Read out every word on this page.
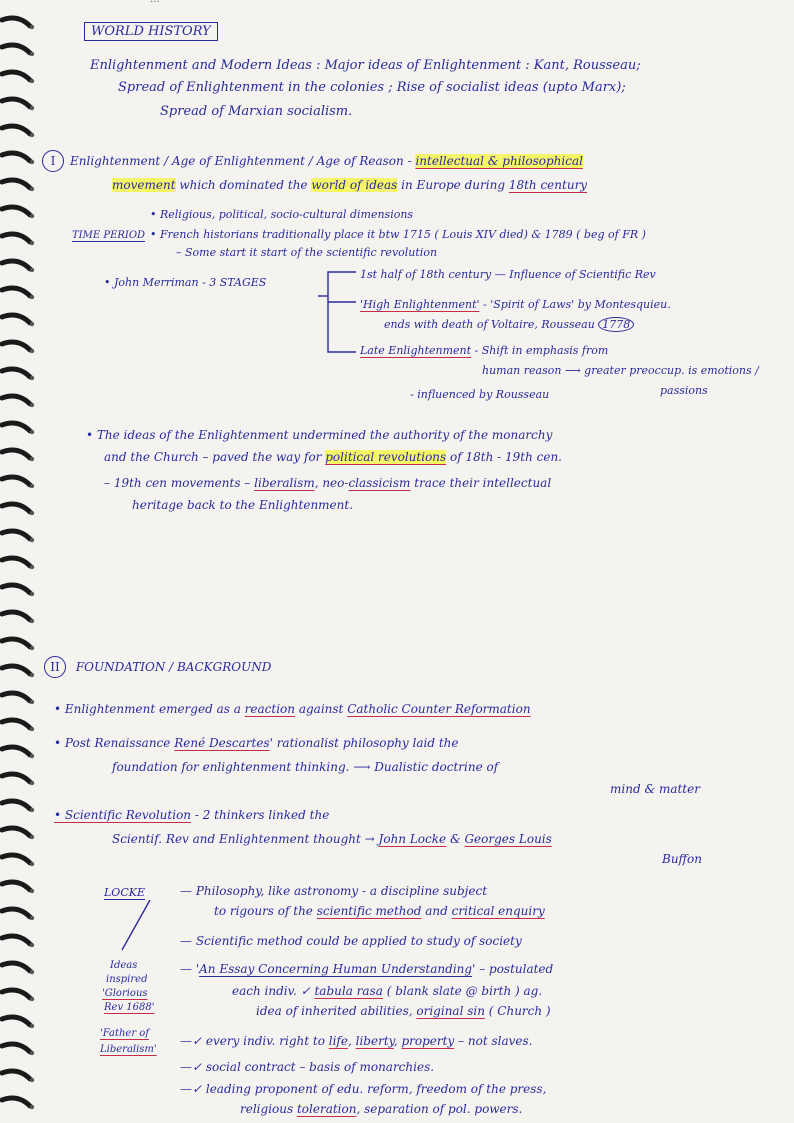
WORLD HISTORY
Enlightenment and Modern Ideas : Major ideas of Enlightenment : Kant, Rousseau;
Spread of Enlightenment in the colonies ; Rise of socialist ideas (upto Marx);
Spread of Marxian socialism.
I Enlightenment / Age of Enlightenment / Age of Reason - intellectual & philosophical
movement which dominated the world of ideas in Europe during 18th century
• Religious, political, socio-cultural dimensions
TIME PERIOD • French historians traditionally place it btw 1715 ( Louis XIV died) & 1789 ( beg of FR )
– Some start it start of the scientific revolution
• John Merriman - 3 STAGES
1st half of 18th century — Influence of Scientific Rev
'High Enlightenment' - 'Spirit of Laws' by Montesquieu.
ends with death of Voltaire, Rousseau 1778
Late Enlightenment - Shift in emphasis from
human reason ⟶ greater preoccup. is emotions /
passions
- influenced by Rousseau
• The ideas of the Enlightenment undermined the authority of the monarchy
and the Church – paved the way for political revolutions of 18th - 19th cen.
– 19th cen movements – liberalism, neo-classicism trace their intellectual
heritage back to the Enlightenment.
II FOUNDATION / BACKGROUND
• Enlightenment emerged as a reaction against Catholic Counter Reformation
• Post Renaissance René Descartes' rationalist philosophy laid the
foundation for enlightenment thinking. ⟶ Dualistic doctrine of
mind & matter
• Scientific Revolution - 2 thinkers linked the
Scientif. Rev and Enlightenment thought → John Locke & Georges Louis
Buffon
LOCKE
Ideas
inspired
'Glorious
Rev 1688'
'Father of
Liberalism'
— Philosophy, like astronomy - a discipline subject
to rigours of the scientific method and critical enquiry
— Scientific method could be applied to study of society
— 'An Essay Concerning Human Understanding' – postulated
each indiv. ✓ tabula rasa ( blank slate @ birth ) ag.
idea of inherited abilities, original sin ( Church )
—✓ every indiv. right to life, liberty, property – not slaves.
—✓ social contract – basis of monarchies.
—✓ leading proponent of edu. reform, freedom of the press,
religious toleration, separation of pol. powers.
